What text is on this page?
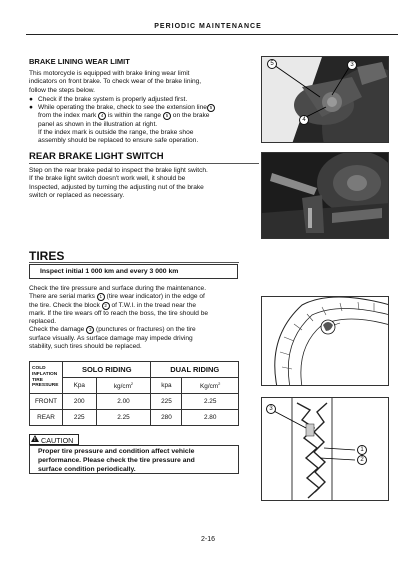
PERIODIC MAINTENANCE
BRAKE LINING WEAR LIMIT
This motorcycle is equipped with brake lining wear limit
indicators on front brake. To check wear of the brake lining,
follow the steps below.
● Check if the brake system is properly adjusted first.
● While operating the brake, check to see the extension line 5
from the index mark 4 is within the range 5 on the brake
panel as shown in the illustration at right.
If the index mark is outside the range, the brake shoe
assembly should be replaced to ensure safe operation.
5	3
4
REAR BRAKE LIGHT SWITCH
Step on the rear brake pedal to inspect the brake light switch.
If the brake light switch doesn't work well, it should be
Inspected, adjusted by turning the adjusting nut of the brake
switch or replaced as necessary.
TIRES
Inspect initial 1 000 km and every 3 000 km
Check the tire pressure and surface during the maintenance.
There are serial marks 1 (tire wear indicator) in the edge of
the tire. Check the block 2 of T.W.I. in the tread near the
mark. If the tire wears off to reach the boss, the tire should be
replaced.
Check the damage 3 (punctures or fractures) on the tire
surface visually. As surface damage may impede driving
stability, such tires should be replaced.
COLD
INFLATION
TIRE
PRESSURE	SOLO RIDING		DUAL RIDING	
	Kpa	$kg/cm^2$	kpa	$Kg/cm^2$
FRONT	200	2.00	225	2.25
REAR	225	2.25	280	2.80
3
1
2
CAUTION
!
Proper tire pressure and condition affect vehicle
performance. Please check the tire pressure and
surface condition periodically.
2-16
